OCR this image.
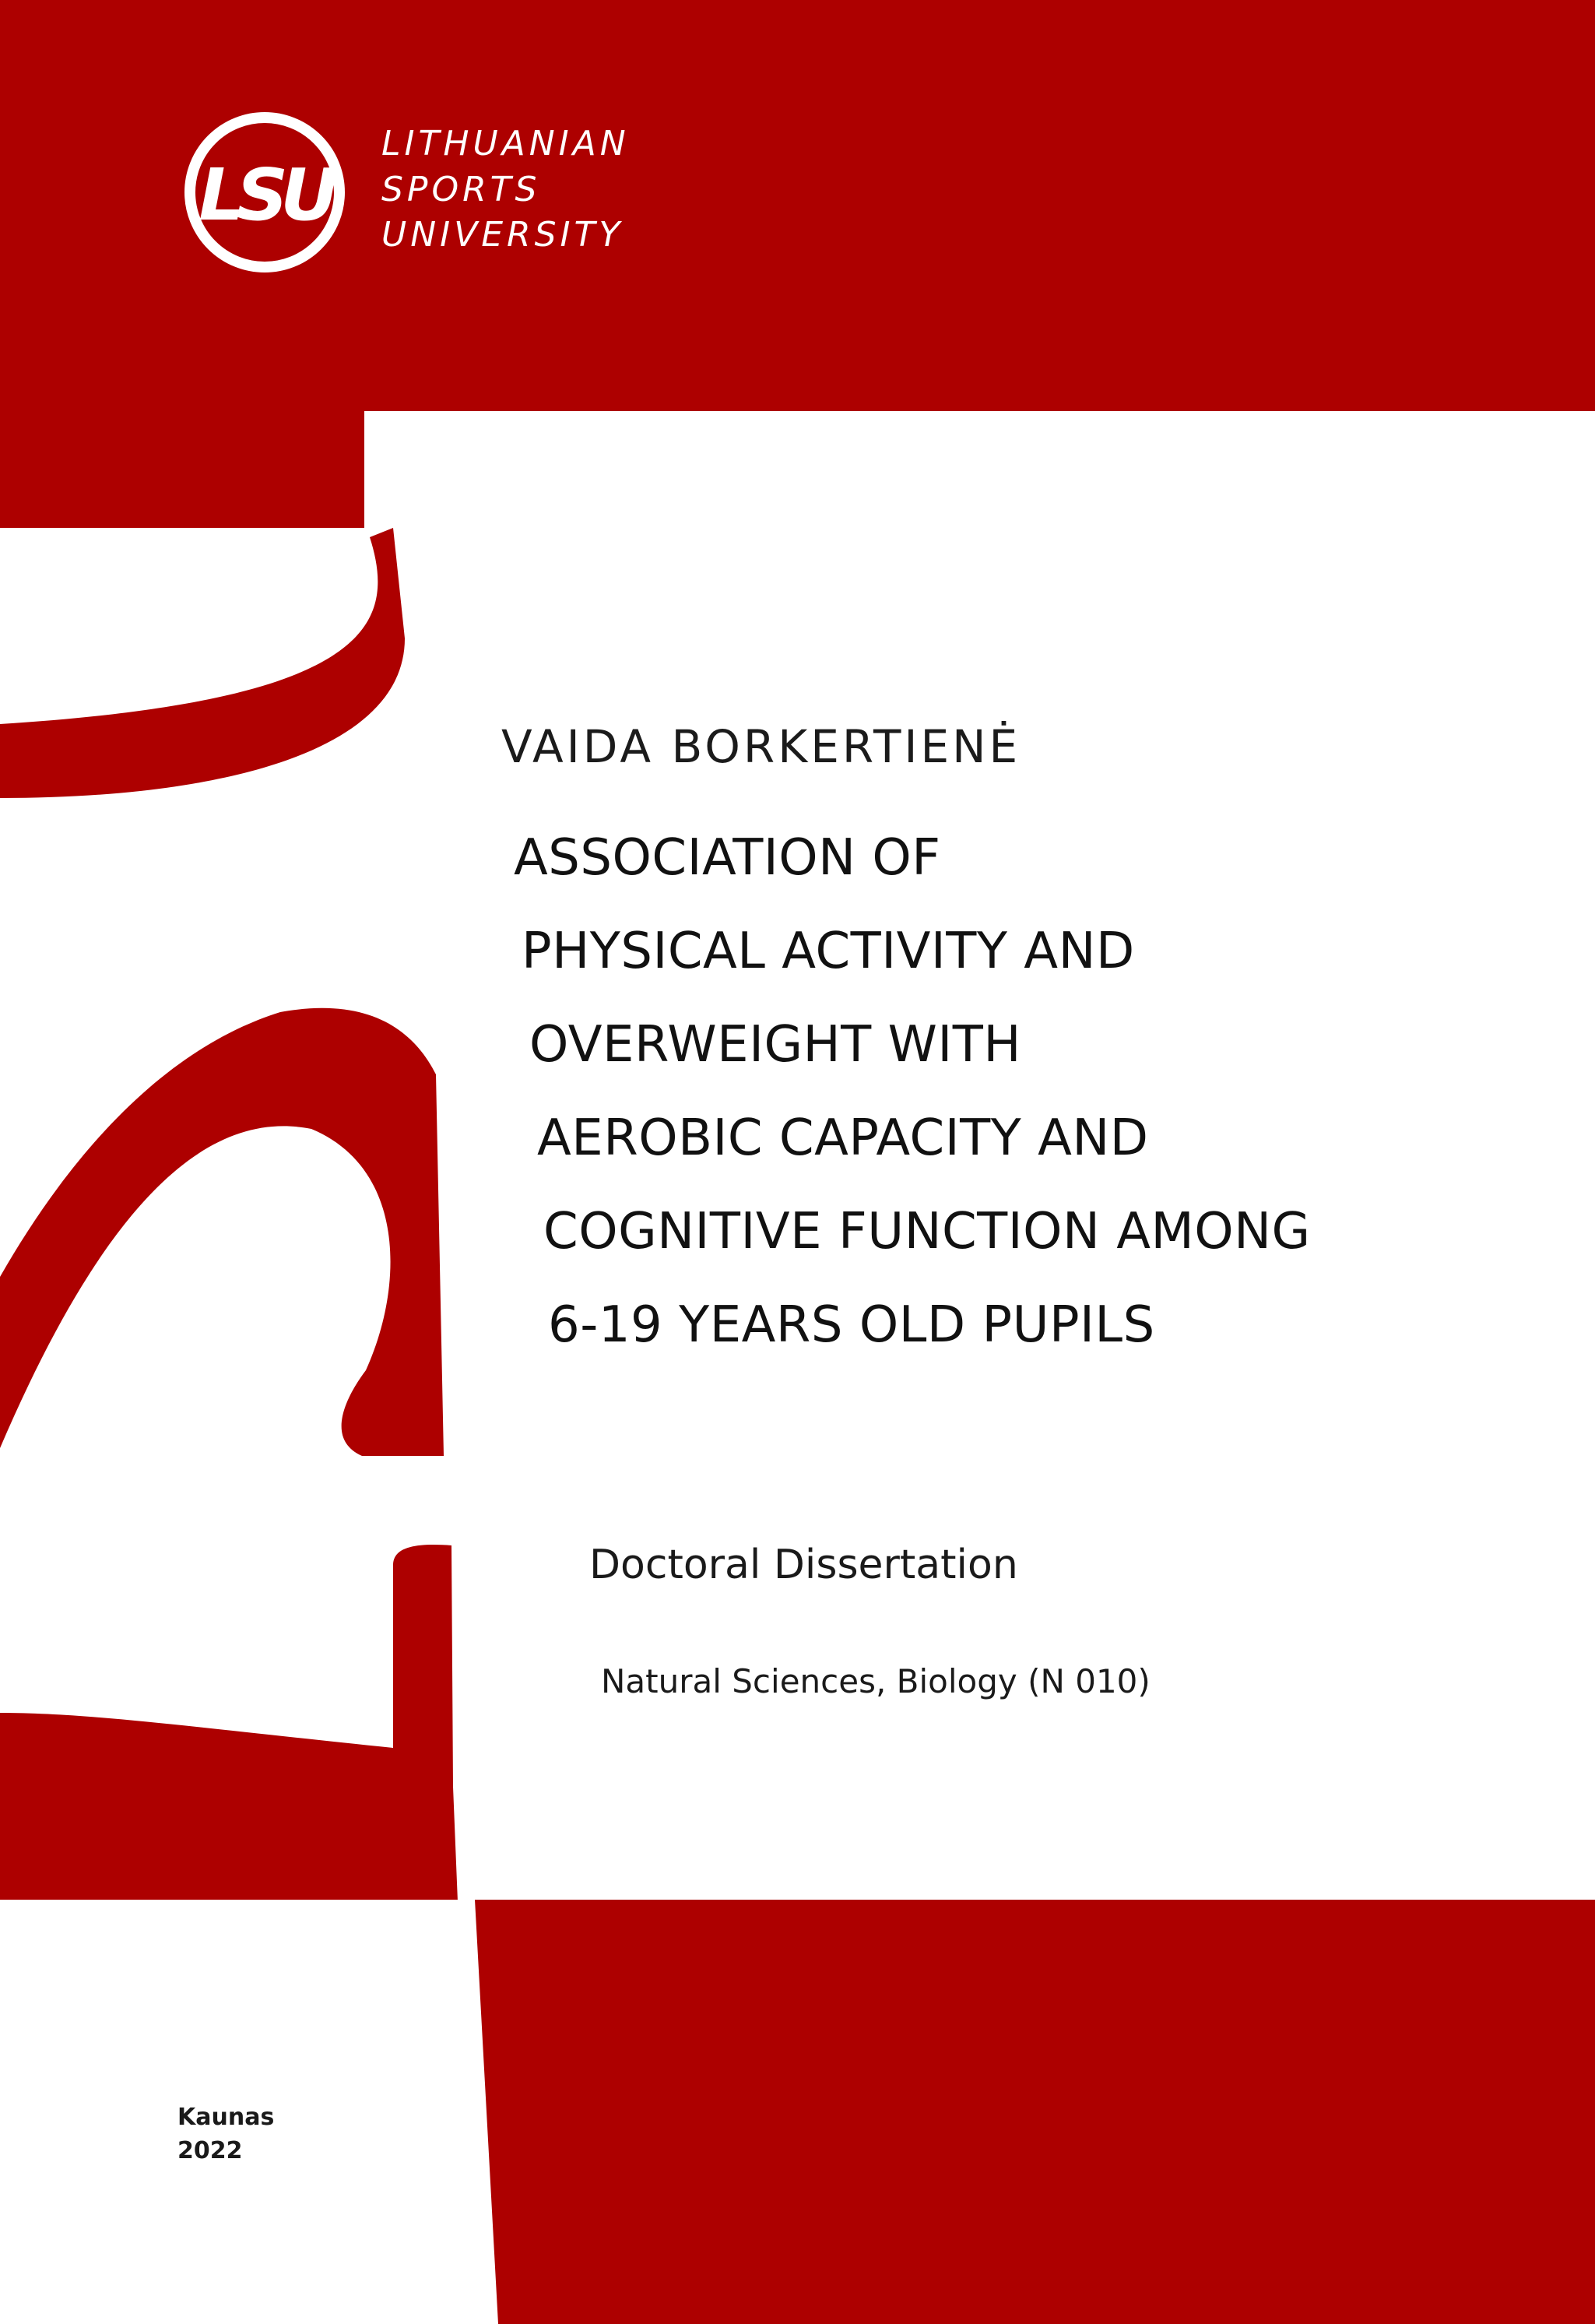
LSU
LITHUANIAN
SPORTS
UNIVERSITY
VAIDA BORKERTIENĖ
ASSOCIATION OF
PHYSICAL ACTIVITY AND
OVERWEIGHT WITH
AEROBIC CAPACITY AND
COGNITIVE FUNCTION AMONG
6-19 YEARS OLD PUPILS
Doctoral Dissertation
Natural Sciences, Biology (N 010)
Kaunas
2022
